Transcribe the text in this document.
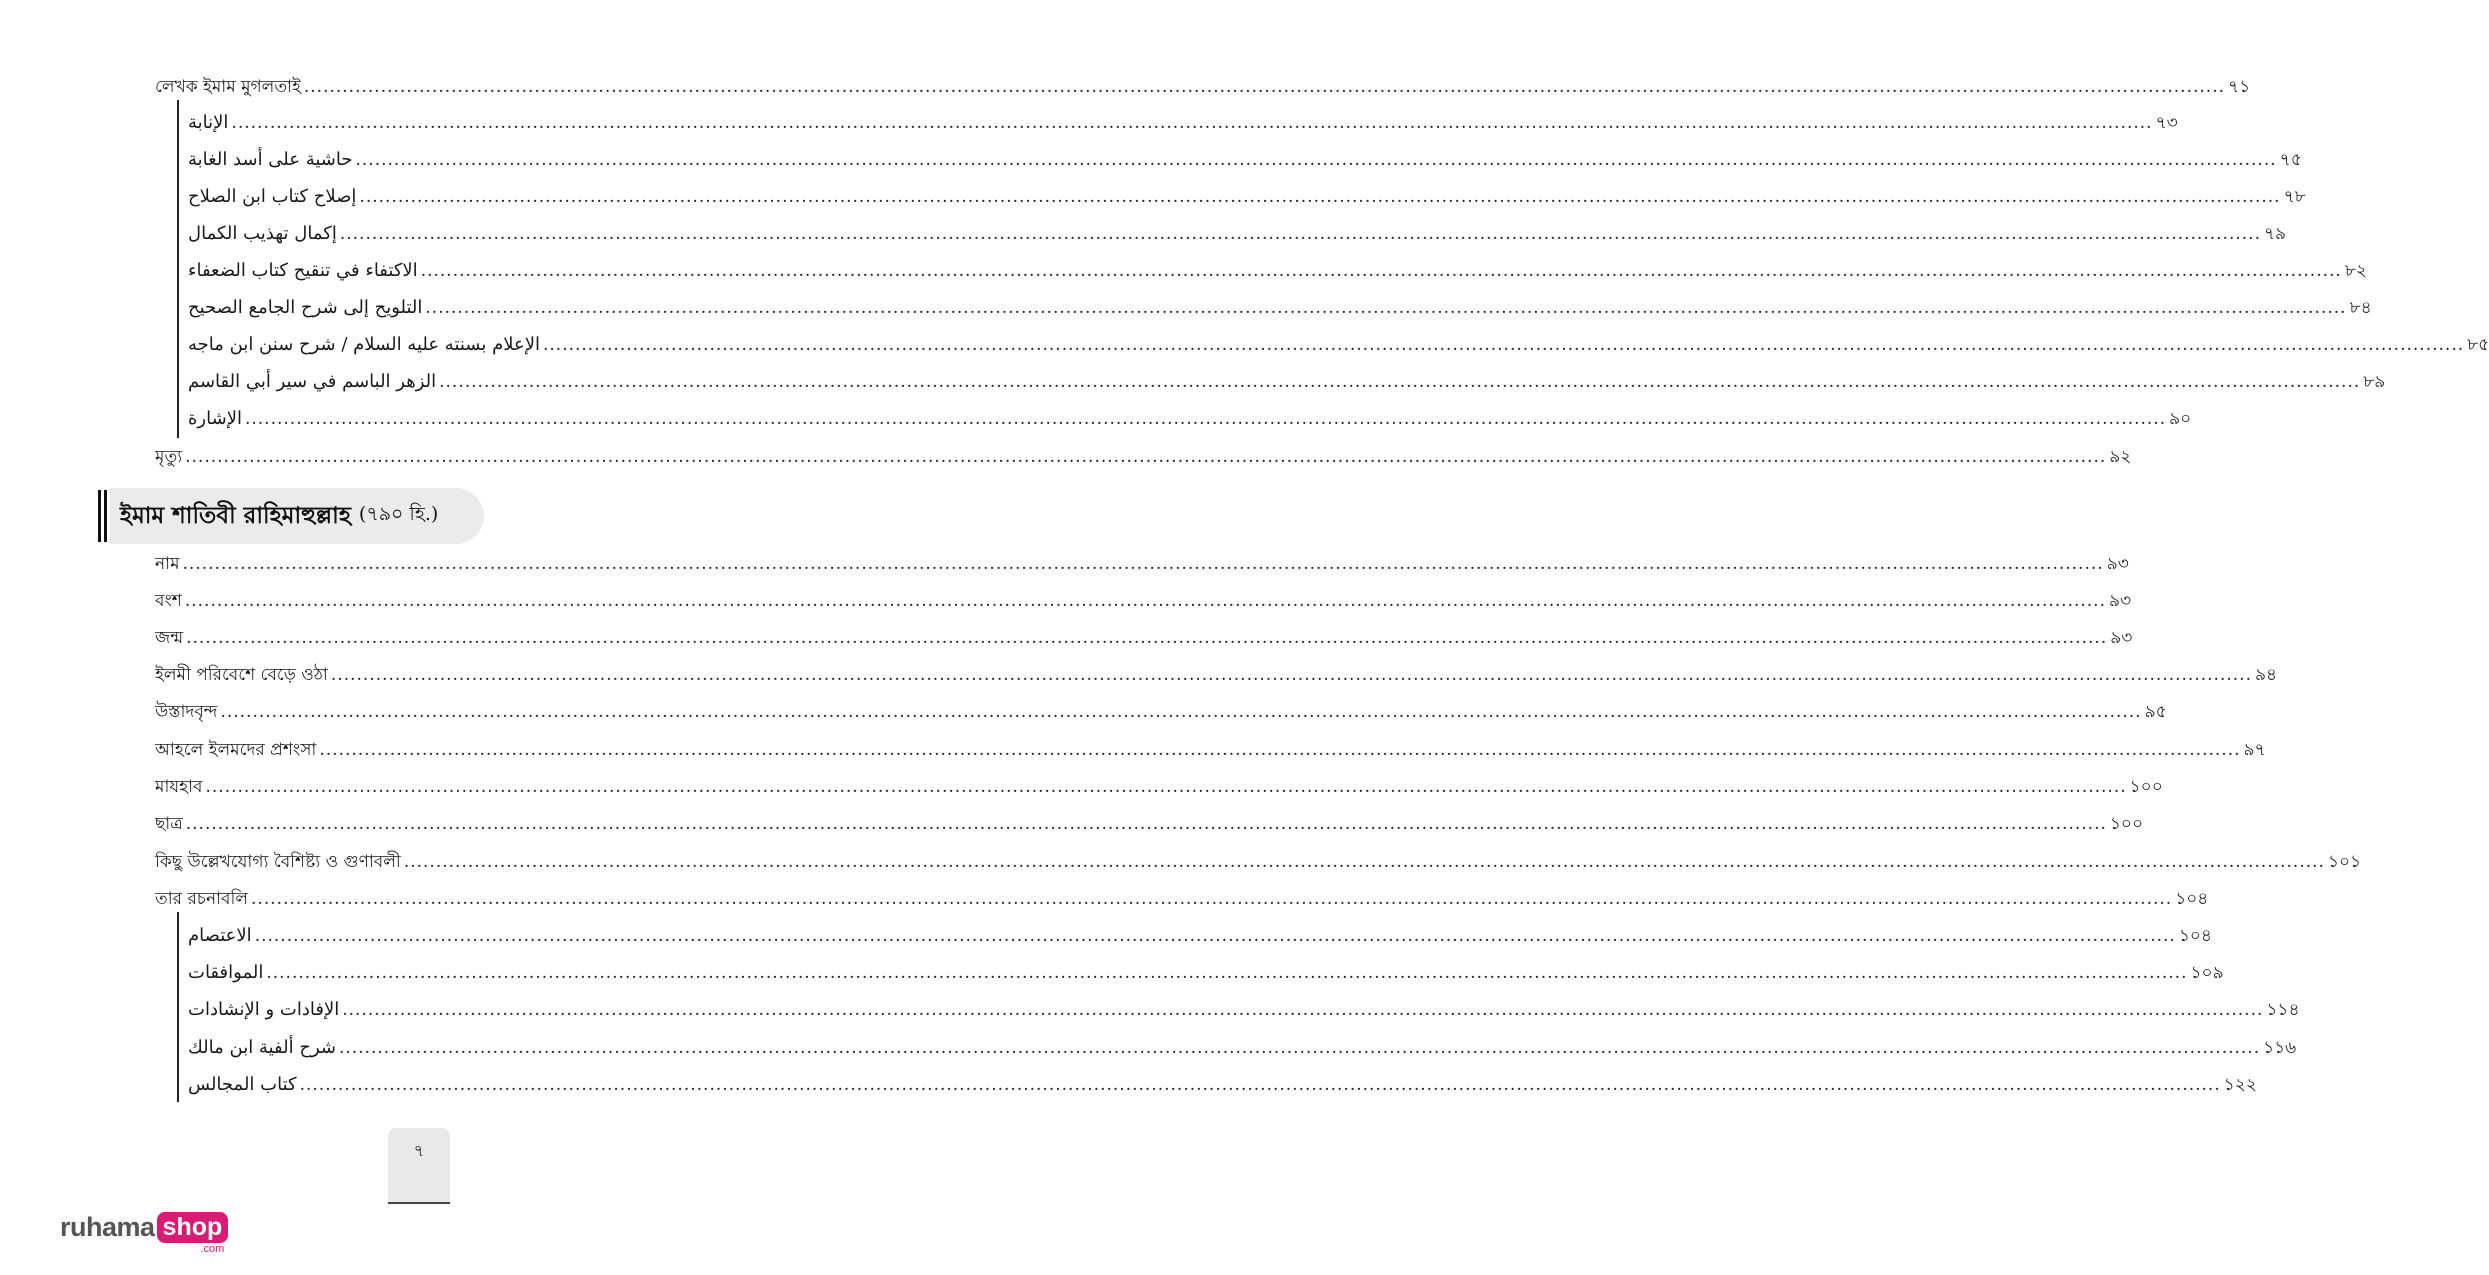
ইমাম শাতিবী রাহিমাহুল্লাহ (৭৯০ হি.)
লেখক ইমাম মুগলতাই ............................................................................................................................................................................................................................................................................................................ ৭১
الإنابة ............................................................................................................................................................................................................................................................................................................ ৭৩
حاشية على أسد الغابة ............................................................................................................................................................................................................................................................................................................ ৭৫
إصلاح كتاب ابن الصلاح ............................................................................................................................................................................................................................................................................................................ ৭৮
إكمال تهذيب الكمال ............................................................................................................................................................................................................................................................................................................ ৭৯
الاكتفاء في تنقيح كتاب الضعفاء ............................................................................................................................................................................................................................................................................................................ ৮২
التلويح إلى شرح الجامع الصحيح ............................................................................................................................................................................................................................................................................................................ ৮৪
الإعلام بسنته عليه السلام / شرح سنن ابن ماجه ............................................................................................................................................................................................................................................................................................................ ৮৫
الزهر الباسم في سير أبي القاسم ............................................................................................................................................................................................................................................................................................................ ৮৯
الإشارة ............................................................................................................................................................................................................................................................................................................ ৯০
মৃত্যু ............................................................................................................................................................................................................................................................................................................ ৯২
নাম ............................................................................................................................................................................................................................................................................................................ ৯৩
বংশ ............................................................................................................................................................................................................................................................................................................ ৯৩
জন্ম ............................................................................................................................................................................................................................................................................................................ ৯৩
ইলমী পরিবেশে বেড়ে ওঠা ............................................................................................................................................................................................................................................................................................................ ৯৪
উস্তাদবৃন্দ ............................................................................................................................................................................................................................................................................................................ ৯৫
আহলে ইলমদের প্রশংসা ............................................................................................................................................................................................................................................................................................................ ৯৭
মাযহাব ............................................................................................................................................................................................................................................................................................................ ১০০
ছাত্র ............................................................................................................................................................................................................................................................................................................ ১০০
কিছু উল্লেখযোগ্য বৈশিষ্ট্য ও গুণাবলী ............................................................................................................................................................................................................................................................................................................ ১০১
তার রচনাবলি ............................................................................................................................................................................................................................................................................................................ ১০৪
الاعتصام ............................................................................................................................................................................................................................................................................................................ ১০৪
الموافقات ............................................................................................................................................................................................................................................................................................................ ১০৯
الإفادات و الإنشادات ............................................................................................................................................................................................................................................................................................................ ১১৪
شرح ألفية ابن مالك ............................................................................................................................................................................................................................................................................................................ ১১৬
كتاب المجالس ............................................................................................................................................................................................................................................................................................................ ১২২
৭
ruhama shop
.com
